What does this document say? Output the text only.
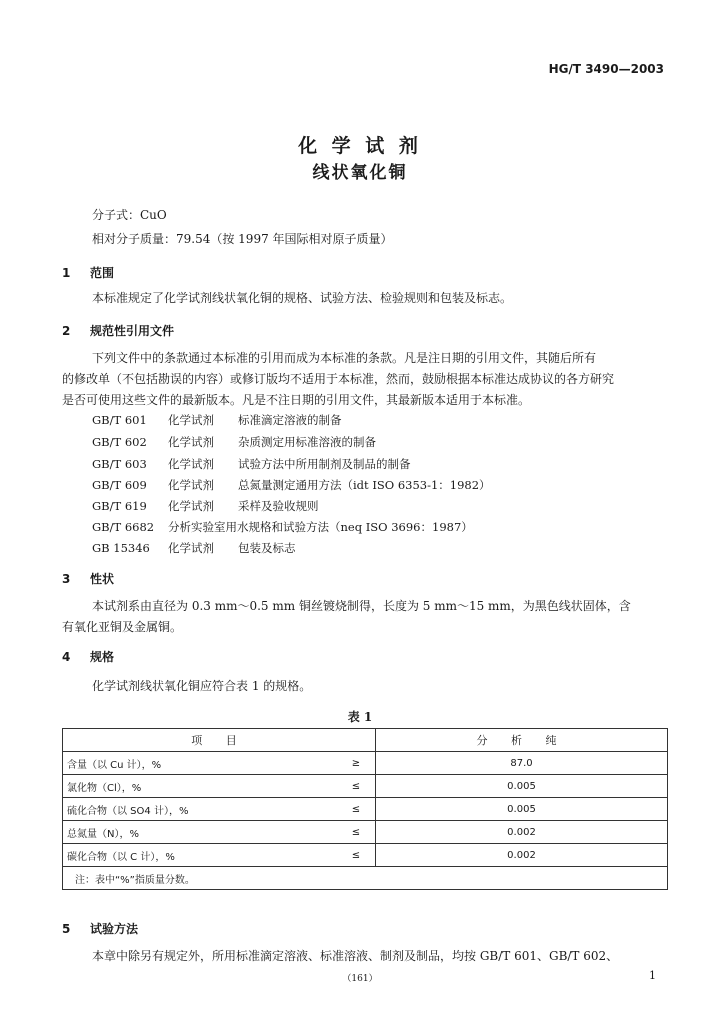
HG/T 3490—2003
化 学 试 剂
线状氧化铜
分子式：CuO
相对分子质量：79.54（按 1997 年国际相对原子质量）
1 范围
本标准规定了化学试剂线状氧化铜的规格、试验方法、检验规则和包装及标志。
2 规范性引用文件
下列文件中的条款通过本标准的引用而成为本标准的条款。凡是注日期的引用文件，其随后所有
的修改单（不包括勘误的内容）或修订版均不适用于本标准，然而，鼓励根据本标准达成协议的各方研究
是否可使用这些文件的最新版本。凡是不注日期的引用文件，其最新版本适用于本标准。
GB/T 601 化学试剂 标准滴定溶液的制备
GB/T 602 化学试剂 杂质测定用标准溶液的制备
GB/T 603 化学试剂 试验方法中所用制剂及制品的制备
GB/T 609 化学试剂 总氮量测定通用方法（idt ISO 6353-1：1982）
GB/T 619 化学试剂 采样及验收规则
GB/T 6682 分析实验室用水规格和试验方法（neq ISO 3696：1987）
GB 15346 化学试剂 包装及标志
3 性状
本试剂系由直径为 0.3 mm～0.5 mm 铜丝镀烧制得，长度为 5 mm～15 mm，为黑色线状固体，含
有氧化亚铜及金属铜。
4 规格
化学试剂线状氧化铜应符合表 1 的规格。
表 1
项 目		分 析 纯
含量（以 Cu 计），%	≥	87.0
氯化物（Cl），%	≤	0.005
硫化合物（以 SO4 计），%	≤	0.005
总氮量（N），%	≤	0.002
碳化合物（以 C 计），%	≤	0.002
注：表中“%”指质量分数。		
5 试验方法
本章中除另有规定外，所用标准滴定溶液、标准溶液、制剂及制品，均按 GB/T 601、GB/T 602、
（161）	1
